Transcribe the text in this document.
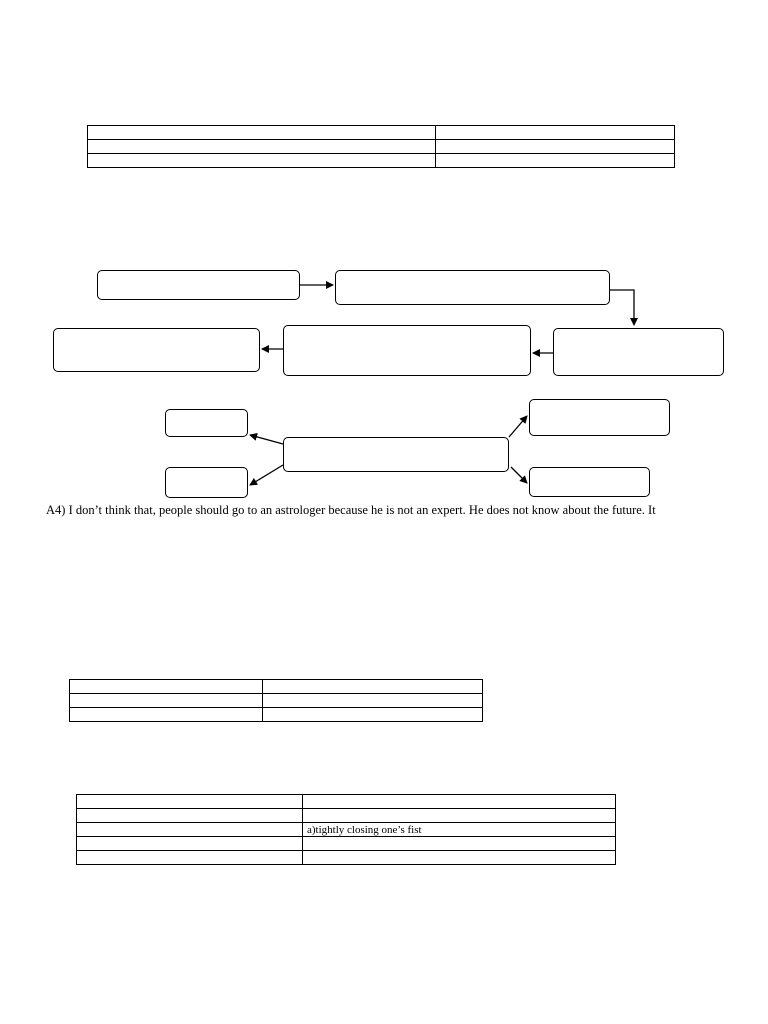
A4) I don’t think that, people should go to an astrologer because he is not an expert. He does not know about the future. It

	a)tightly closing one’s fist
